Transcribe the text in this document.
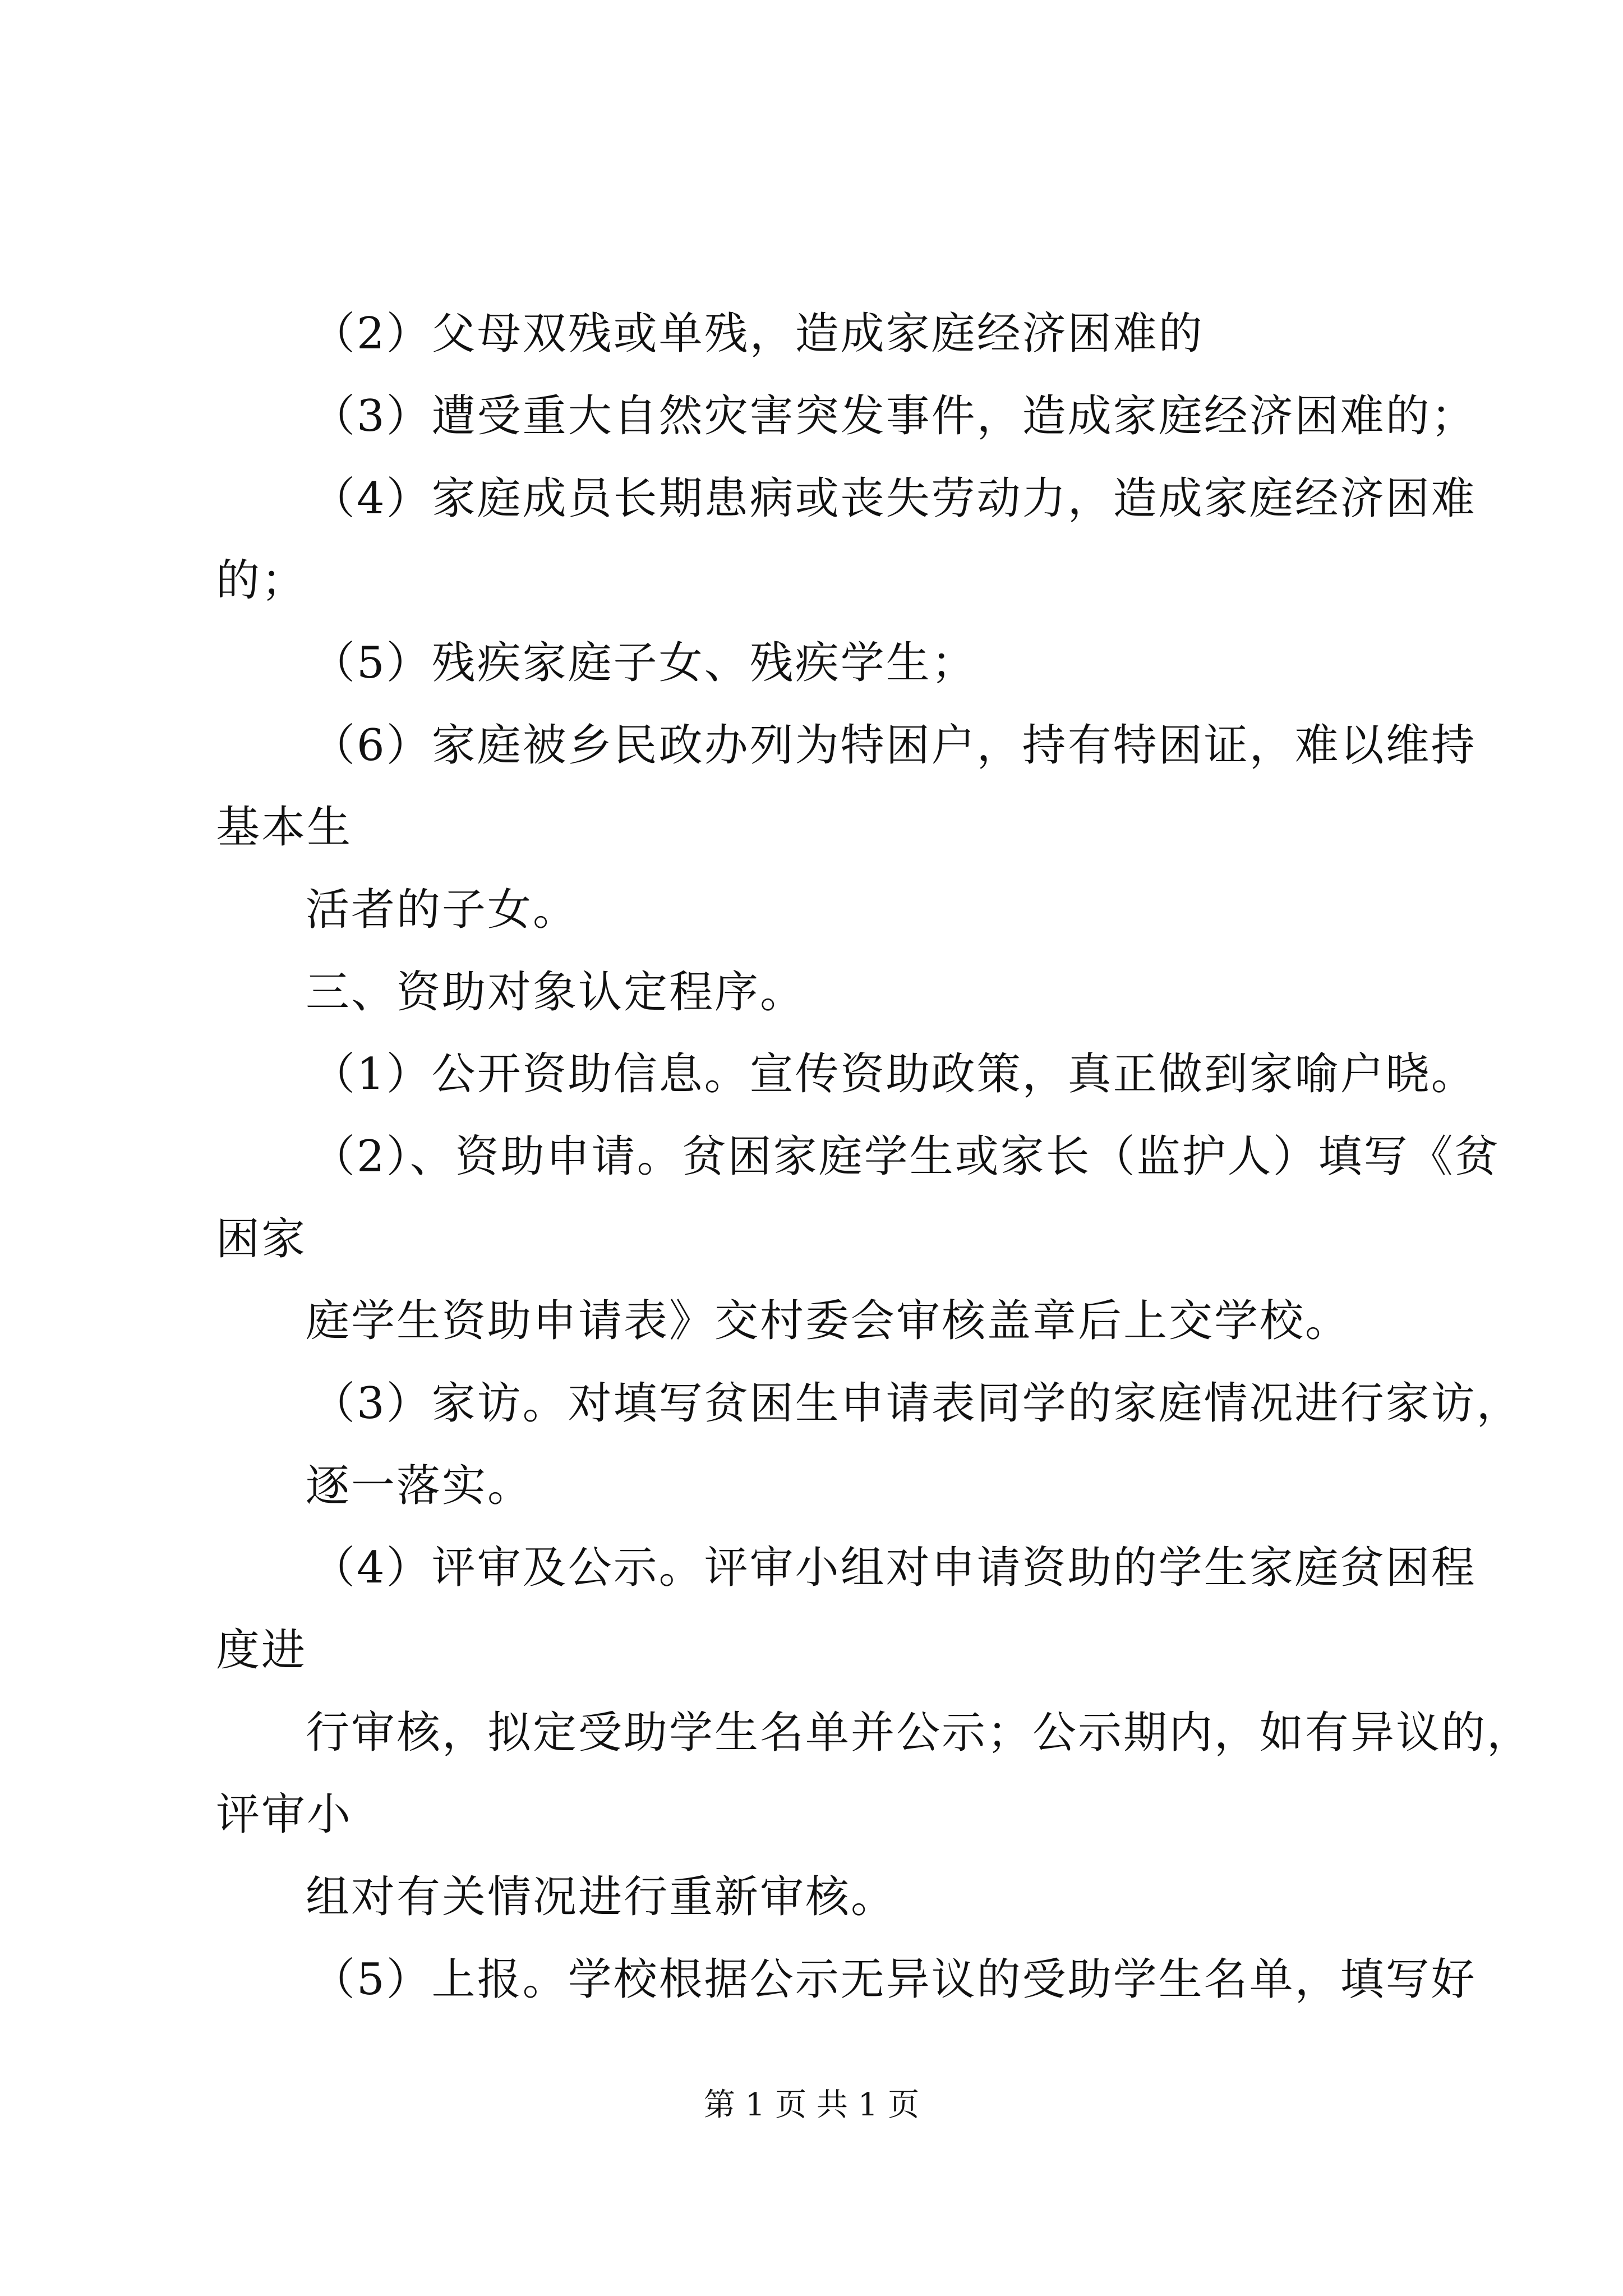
（2）父母双残或单残，造成家庭经济困难的
（3）遭受重大自然灾害突发事件，造成家庭经济困难的；
（4）家庭成员长期患病或丧失劳动力，造成家庭经济困难
的；
（5）残疾家庭子女、残疾学生；
（6）家庭被乡民政办列为特困户，持有特困证，难以维持
基本生
活者的子女。
三、资助对象认定程序。
（1）公开资助信息。宣传资助政策，真正做到家喻户晓。
（2）、资助申请。贫困家庭学生或家长（监护人）填写《贫
困家
庭学生资助申请表》交村委会审核盖章后上交学校。
（3）家访。对填写贫困生申请表同学的家庭情况进行家访，
逐一落实。
（4）评审及公示。评审小组对申请资助的学生家庭贫困程
度进
行审核，拟定受助学生名单并公示；公示期内，如有异议的，
评审小
组对有关情况进行重新审核。
（5）上报。学校根据公示无异议的受助学生名单，填写好
第 1 页 共 1 页
